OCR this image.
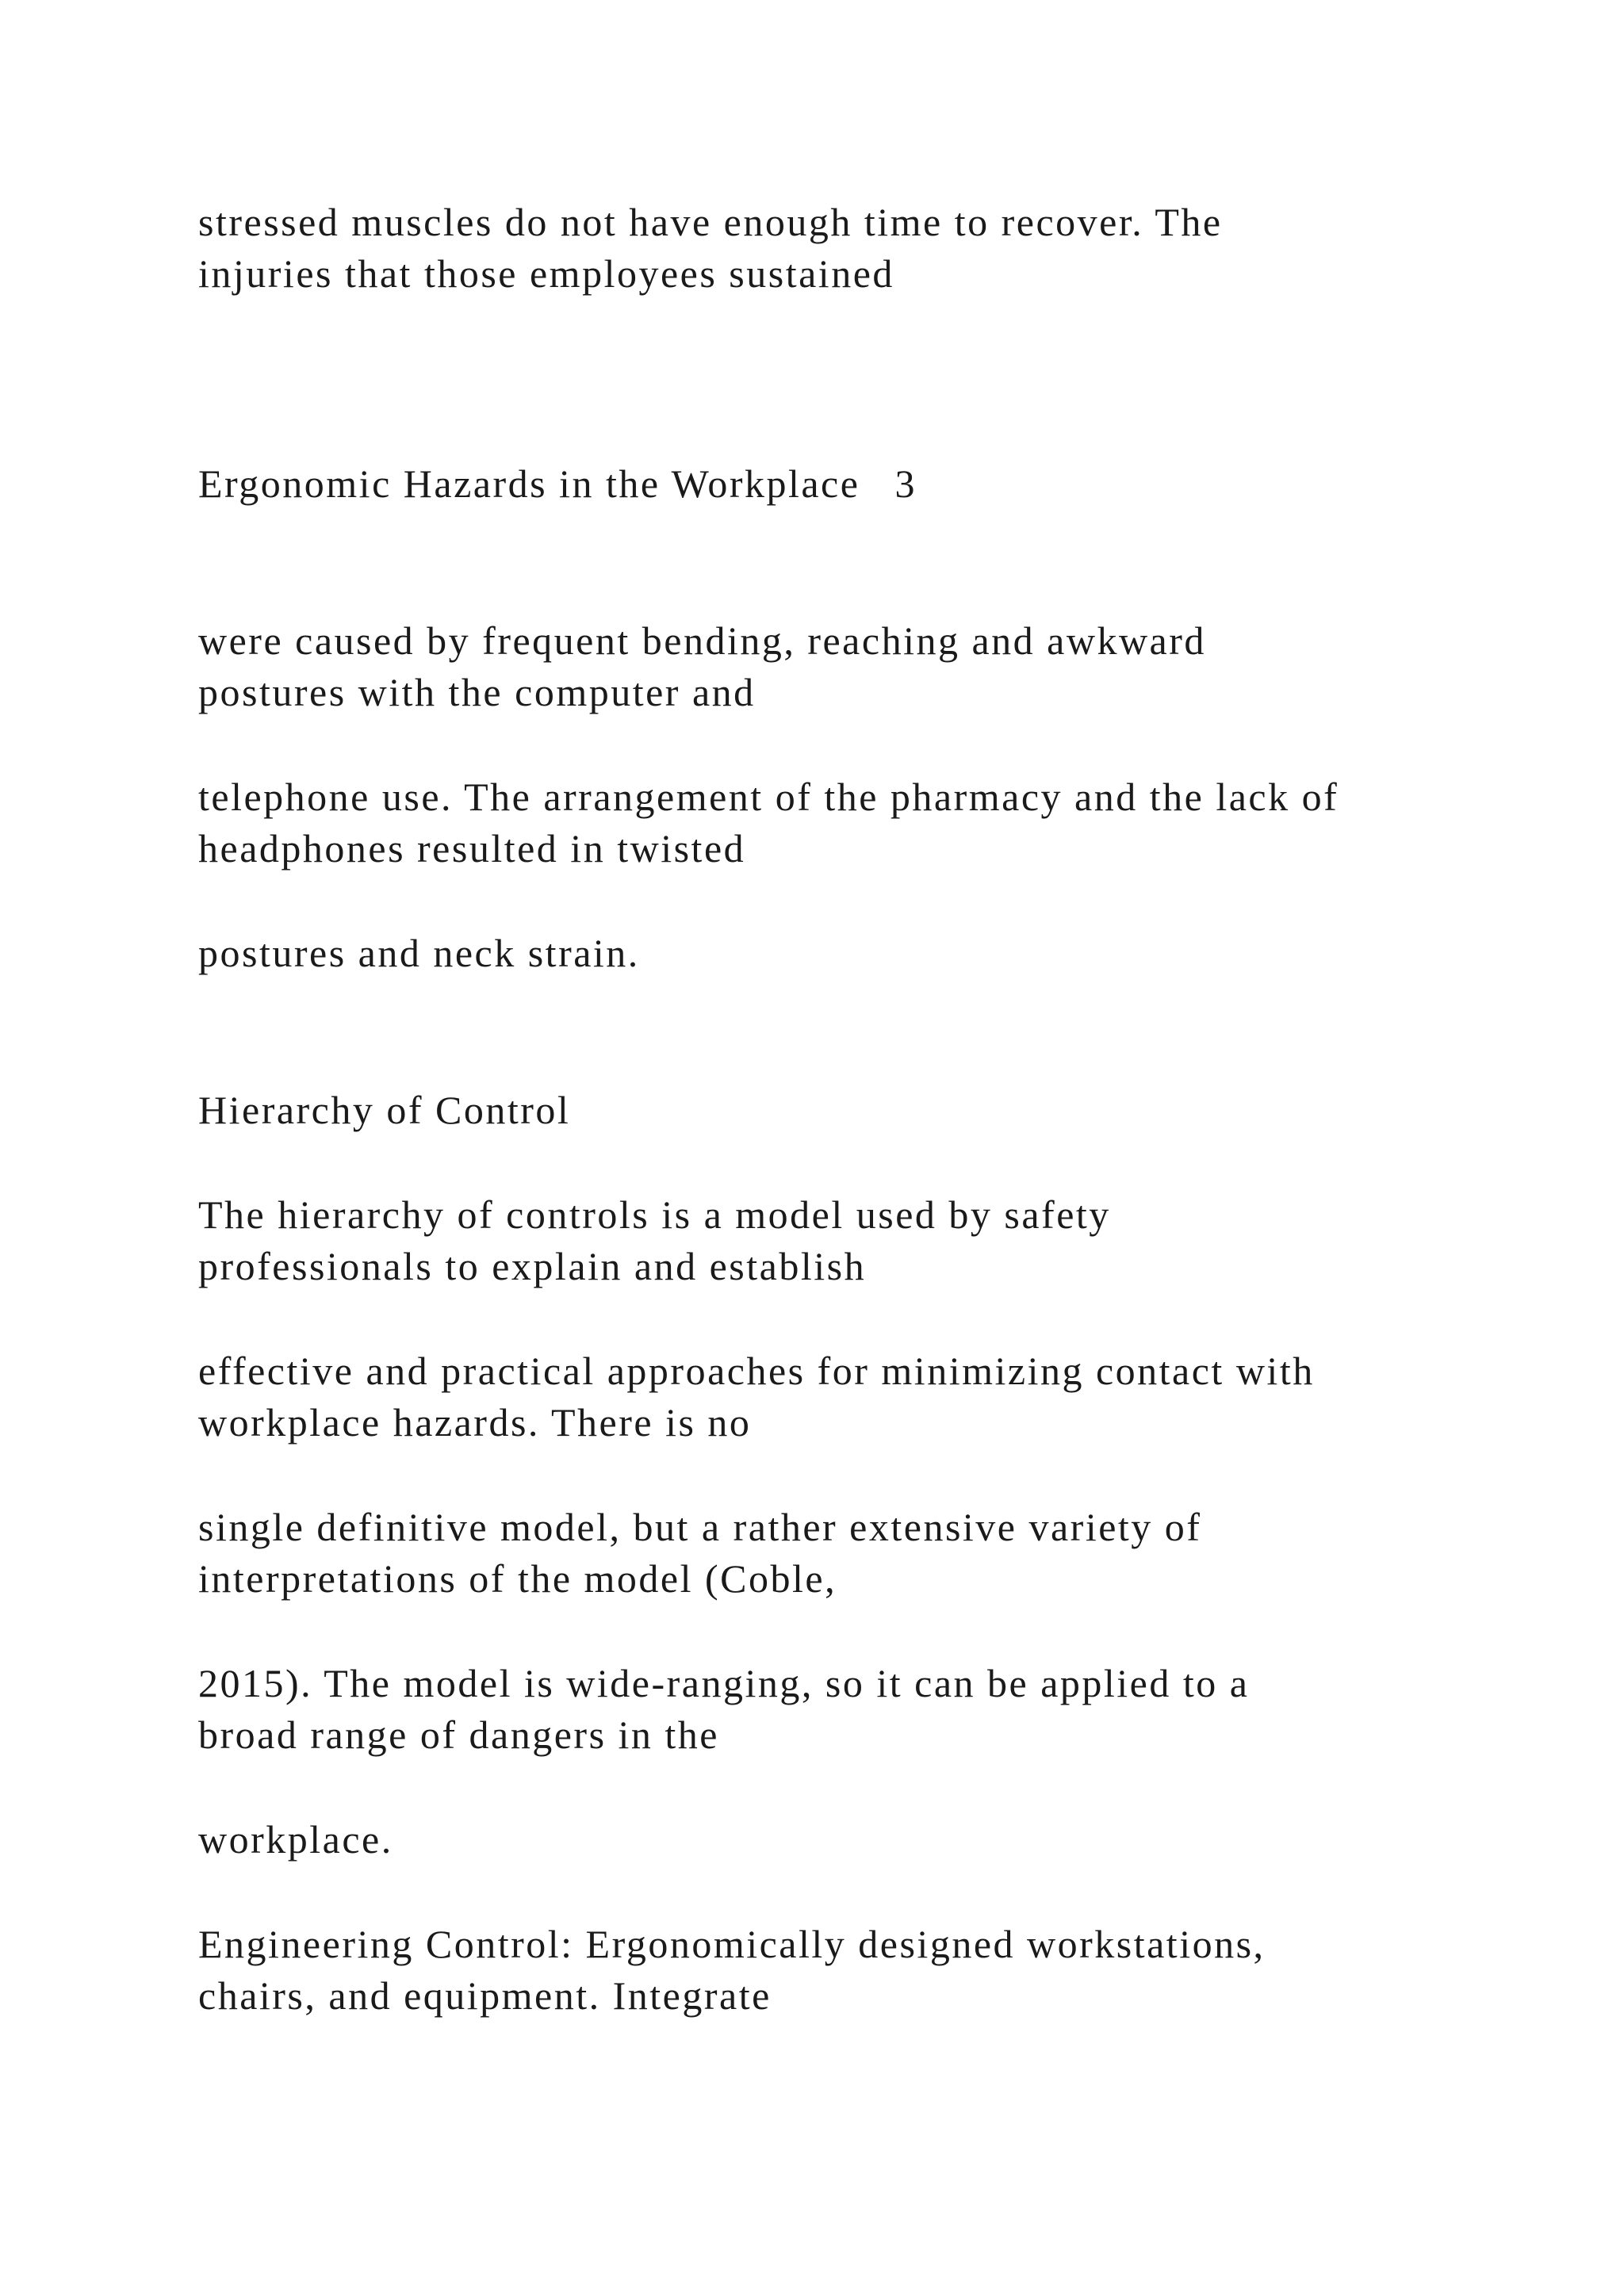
stressed muscles do not have enough time to recover. The

injuries that those employees sustained

Ergonomic Hazards in the Workplace 3

were caused by frequent bending, reaching and awkward

postures with the computer and

telephone use. The arrangement of the pharmacy and the lack of

headphones resulted in twisted

postures and neck strain.

Hierarchy of Control

The hierarchy of controls is a model used by safety

professionals to explain and establish

effective and practical approaches for minimizing contact with

workplace hazards. There is no

single definitive model, but a rather extensive variety of

interpretations of the model (Coble,

2015). The model is wide-ranging, so it can be applied to a

broad range of dangers in the

workplace.

Engineering Control: Ergonomically designed workstations,

chairs, and equipment. Integrate
